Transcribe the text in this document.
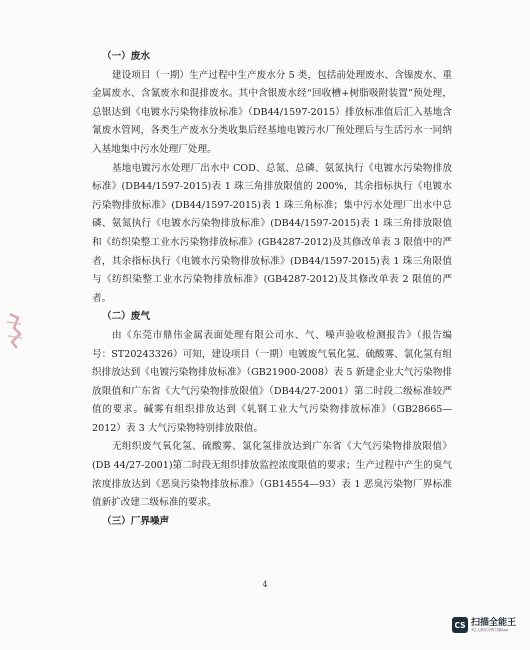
（一）废水

建设项目（一期）生产过程中生产废水分 5 类，包括前处理废水、含镍废水、重金属废水、含氰废水和混排废水。其中含银废水经“回收槽+树脂吸附装置”预处理，总银达到《电镀水污染物排放标准》（DB44/1597-2015）排放标准值后汇入基地含氰废水管网，各类生产废水分类收集后经基地电镀污水厂预处理后与生活污水一同纳入基地集中污水处理厂处理。

基地电镀污水处理厂出水中 COD、总氮、总磷、氨氮执行《电镀水污染物排放标准》(DB44/1597-2015)表 1 珠三角排放限值的 200%，其余指标执行《电镀水污染物排放标准》(DB44/1597-2015)表 1 珠三角标准；集中污水处理厂出水中总磷、氨氮执行《电镀水污染物排放标准》(DB44/1597-2015)表 1 珠三角排放限值和《纺织染整工业水污染物排放标准》(GB4287-2012)及其修改单表 3 限值中的严者，其余指标执行《电镀水污染物排放标准》(DB44/1597-2015)表 1 珠三角限值与《纺织染整工业水污染物排放标准》(GB4287-2012)及其修改单表 2 限值的严者。

（二）废气

由《东莞市鼎伟金属表面处理有限公司水、气、噪声验收检测报告》（报告编号：ST20243326）可知，建设项目（一期）电镀废气氧化氢、硫酸雾、氯化氢有组织排放达到《电镀污染物排放标准》（GB21900-2008）表 5 新建企业大气污染物排放限值和广东省《大气污染物排放限值》（DB44/27-2001）第二时段二级标准较严值的要求。碱雾有组织排放达到《轧钢工业大气污染物排放标准》（GB28665—2012）表 3 大气污染物特别排放限值。

无组织废气氧化氢、硫酸雾、氯化氢排放达到广东省《大气污染物排放限值》(DB 44/27-2001)第二时段无组织排放监控浓度限值的要求；生产过程中产生的臭气浓度排放达到《恶臭污染物排放标准》（GB14554—93）表 1 恶臭污染物厂界标准值新扩改建二级标准的要求。

（三）厂界噪声

4
CS 扫描全能王
3亿人都在用的扫描App
